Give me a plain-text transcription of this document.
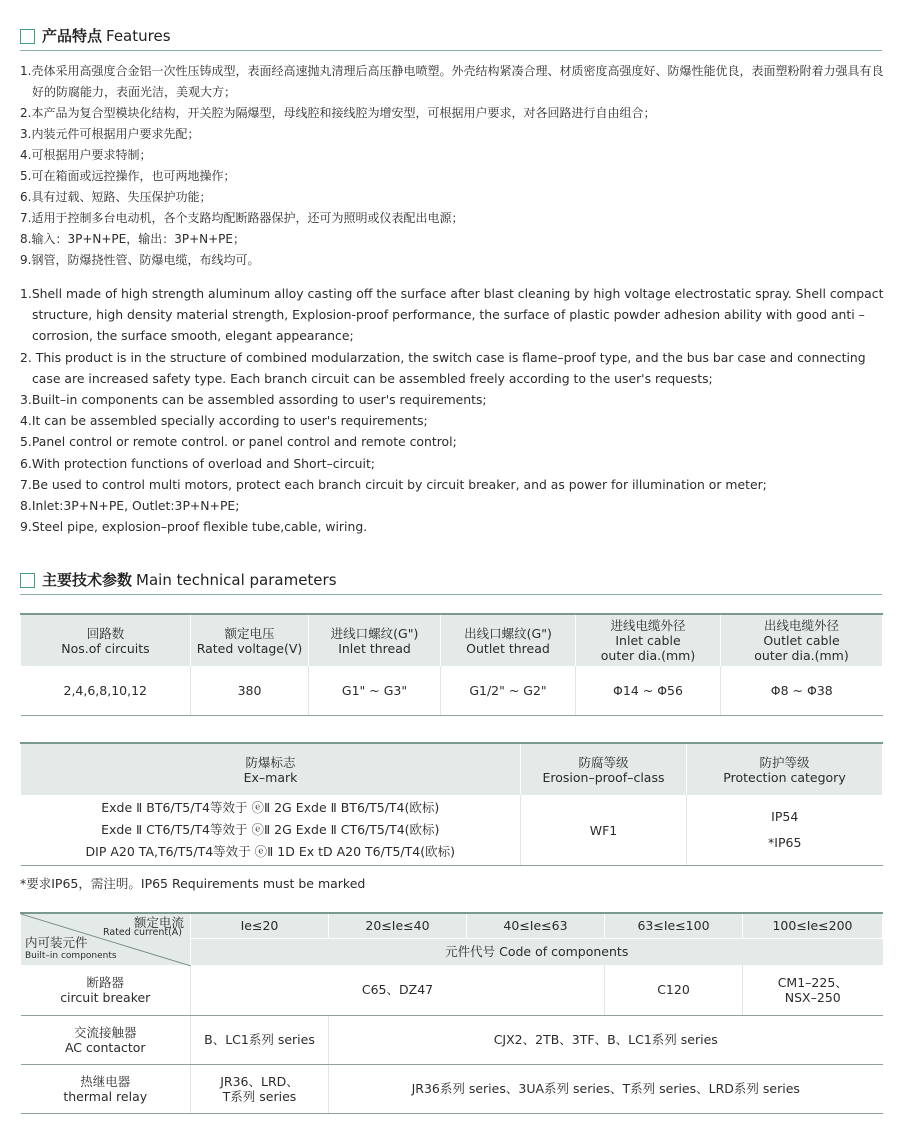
产品特点 Features
1.壳体采用高强度合金铝一次性压铸成型，表面经高速抛丸清理后高压静电喷塑。外壳结构紧凑合理、材质密度高强度好、防爆性能优良，表面塑粉附着力强具有良好的防腐能力，表面光洁，美观大方；
2.本产品为复合型模块化结构，开关腔为隔爆型，母线腔和接线腔为增安型，可根据用户要求，对各回路进行自由组合；
3.内装元件可根据用户要求先配；
4.可根据用户要求特制；
5.可在箱面或远控操作，也可两地操作；
6.具有过载、短路、失压保护功能；
7.适用于控制多台电动机，各个支路均配断路器保护，还可为照明或仪表配出电源；
8.输入：3P+N+PE，输出：3P+N+PE；
9.钢管，防爆挠性管、防爆电缆，布线均可。
1.Shell made of high strength aluminum alloy casting off the surface after blast cleaning by high voltage electrostatic spray. Shell compact structure, high density material strength, Explosion-proof performance, the surface of plastic powder adhesion ability with good anti –corrosion, the surface smooth, elegant appearance;
2. This product is in the structure of combined modularzation, the switch case is flame–proof type, and the bus bar case and connecting case are increased safety type. Each branch circuit can be assembled freely according to the user's requests;
3.Built–in components can be assembled assording to user's requirements;
4.It can be assembled specially according to user's requirements;
5.Panel control or remote control. or panel control and remote control;
6.With protection functions of overload and Short–circuit;
7.Be used to control multi motors, protect each branch circuit by circuit breaker, and as power for illumination or meter;
8.Inlet:3P+N+PE, Outlet:3P+N+PE;
9.Steel pipe, explosion–proof flexible tube,cable, wiring.
主要技术参数 Main technical parameters
回路数
Nos.of circuits	额定电压
Rated voltage(V)	进线口螺纹(G")
Inlet thread	出线口螺纹(G")
Outlet thread	进线电缆外径
Inlet cable
outer dia.(mm)	出线电缆外径
Outlet cable
outer dia.(mm)

2,4,6,8,10,12	380	G1" ~ G3"	G1/2" ~ G2"	Φ14 ~ Φ56	Φ8 ~ Φ38
防爆标志
Ex–mark	防腐等级
Erosion–proof–class	防护等级
Protection category

Exde Ⅱ BT6/T5/T4等效于 ⓔⅡ 2G Exde Ⅱ BT6/T5/T4(欧标)
Exde Ⅱ CT6/T5/T4等效于 ⓔⅡ 2G Exde Ⅱ CT6/T5/T4(欧标)
DIP A20 TA,T6/T5/T4等效于 ⓔⅡ 1D Ex tD A20 T6/T5/T4(欧标)	WF1	IP54
*IP65
*要求IP65，需注明。IP65 Requirements must be marked
额定电流
Rated current(A)
内可装元件
Built–in components	Ie≤20	20≤Ie≤40	40≤Ie≤63	63≤Ie≤100	100≤Ie≤200
	元件代号 Code of components				

断路器
circuit breaker	C65、DZ47			C120	CM1–225、
NSX–250

交流接触器
AC contactor	B、LC1系列 series	CJX2、2TB、3TF、B、LC1系列 series			

热继电器
thermal relay	JR36、LRD、
T系列 series	JR36系列 series、3UA系列 series、T系列 series、LRD系列 series			
